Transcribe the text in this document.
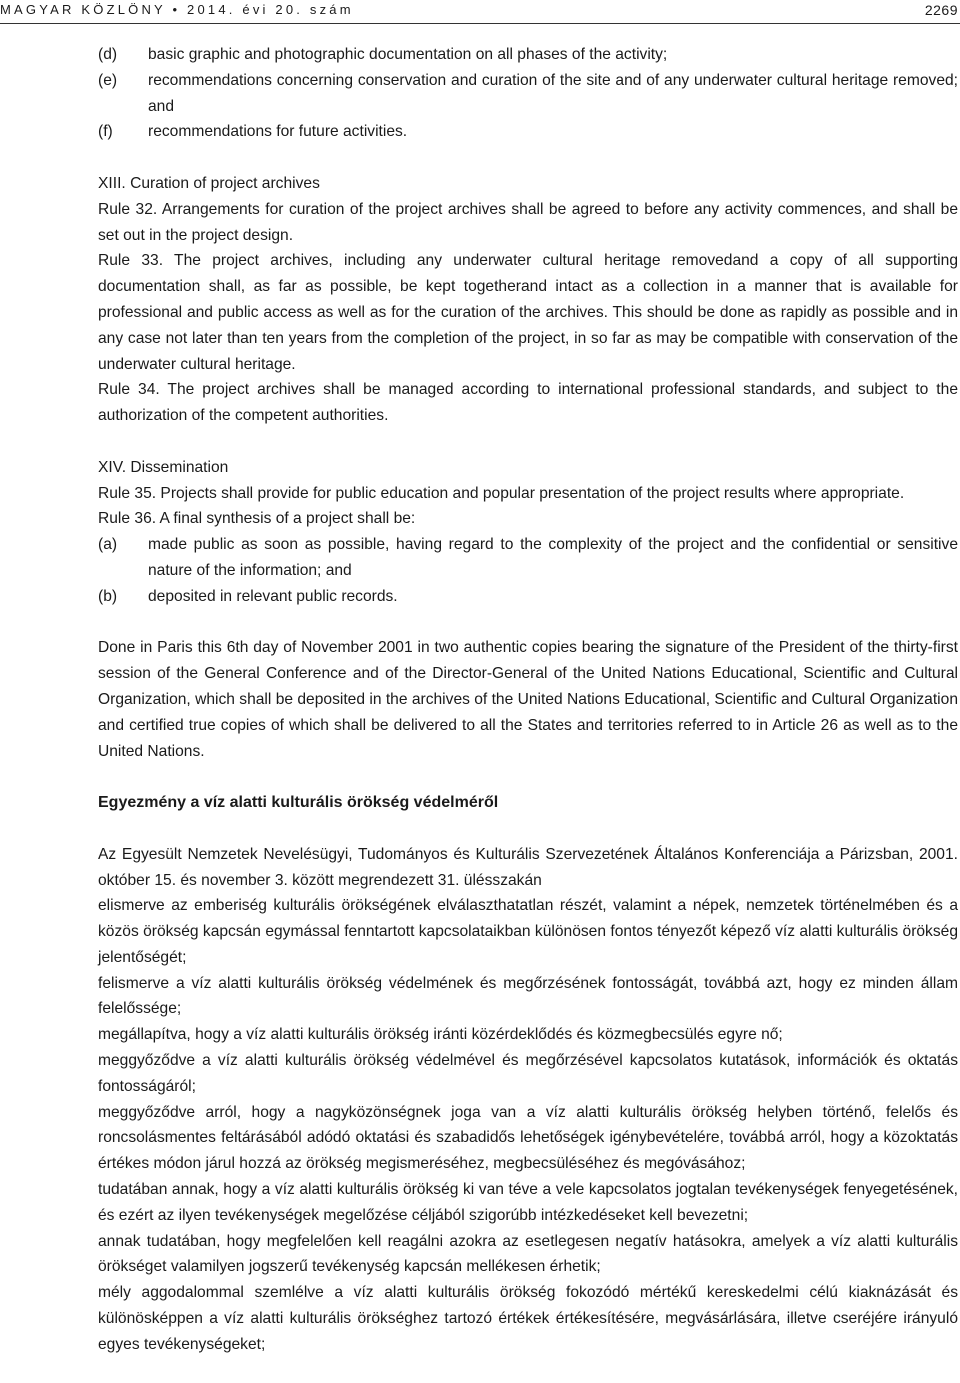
MAGYAR KÖZLÖNY • 2014. évi 20. szám	2269
(d) basic graphic and photographic documentation on all phases of the activity;
(e) recommendations concerning conservation and curation of the site and of any underwater cultural heritage removed; and
(f) recommendations for future activities.

XIII. Curation of project archives

Rule 32. Arrangements for curation of the project archives shall be agreed to before any activity commences, and shall be set out in the project design.

Rule 33. The project archives, including any underwater cultural heritage removedand a copy of all supporting documentation shall, as far as possible, be kept togetherand intact as a collection in a manner that is available for professional and public access as well as for the curation of the archives. This should be done as rapidly as possible and in any case not later than ten years from the completion of the project, in so far as may be compatible with conservation of the underwater cultural heritage.

Rule 34. The project archives shall be managed according to international professional standards, and subject to the authorization of the competent authorities.

XIV. Dissemination

Rule 35. Projects shall provide for public education and popular presentation of the project results where appropriate.

Rule 36. A final synthesis of a project shall be:

(a) made public as soon as possible, having regard to the complexity of the project and the confidential or sensitive nature of the information; and
(b) deposited in relevant public records.

Done in Paris this 6th day of November 2001 in two authentic copies bearing the signature of the President of the thirty-first session of the General Conference and of the Director-General of the United Nations Educational, Scientific and Cultural Organization, which shall be deposited in the archives of the United Nations Educational, Scientific and Cultural Organization and certified true copies of which shall be delivered to all the States and territories referred to in Article 26 as well as to the United Nations.

Egyezmény a víz alatti kulturális örökség védelméről

Az Egyesült Nemzetek Nevelésügyi, Tudományos és Kulturális Szervezetének Általános Konferenciája a Párizsban, 2001. október 15. és november 3. között megrendezett 31. ülésszakán

elismerve az emberiség kulturális örökségének elválaszthatatlan részét, valamint a népek, nemzetek történelmében és a közös örökség kapcsán egymással fenntartott kapcsolataikban különösen fontos tényezőt képező víz alatti kulturális örökség jelentőségét;

felismerve a víz alatti kulturális örökség védelmének és megőrzésének fontosságát, továbbá azt, hogy ez minden állam felelőssége;

megállapítva, hogy a víz alatti kulturális örökség iránti közérdeklődés és közmegbecsülés egyre nő;

meggyőződve a víz alatti kulturális örökség védelmével és megőrzésével kapcsolatos kutatások, információk és oktatás fontosságáról;

meggyőződve arról, hogy a nagyközönségnek joga van a víz alatti kulturális örökség helyben történő, felelős és roncsolásmentes feltárásából adódó oktatási és szabadidős lehetőségek igénybevételére, továbbá arról, hogy a közoktatás értékes módon járul hozzá az örökség megismeréséhez, megbecsüléséhez és megóvásához;

tudatában annak, hogy a víz alatti kulturális örökség ki van téve a vele kapcsolatos jogtalan tevékenységek fenyegetésének, és ezért az ilyen tevékenységek megelőzése céljából szigorúbb intézkedéseket kell bevezetni;

annak tudatában, hogy megfelelően kell reagálni azokra az esetlegesen negatív hatásokra, amelyek a víz alatti kulturális örökséget valamilyen jogszerű tevékenység kapcsán mellékesen érhetik;

mély aggodalommal szemlélve a víz alatti kulturális örökség fokozódó mértékű kereskedelmi célú kiaknázását és különösképpen a víz alatti kulturális örökséghez tartozó értékek értékesítésére, megvásárlására, illetve cseréjére irányuló egyes tevékenységeket;
